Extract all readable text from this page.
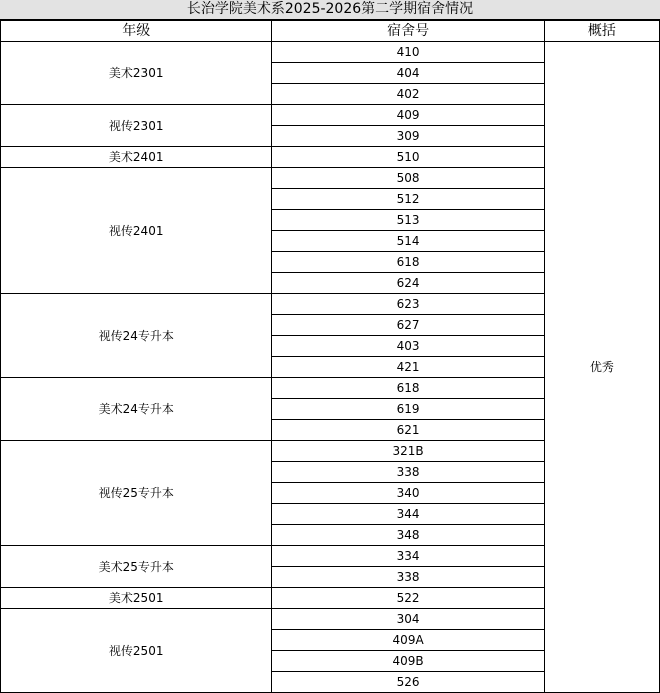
长治学院美术系2025-2026第二学期宿舍情况
年级	宿舍号	概括
美术2301	410	优秀
	404	
	402	
视传2301	409	
	309	
美术2401	510	
视传2401	508	
	512	
	513	
	514	
	618	
	624	
视传24专升本	623	
	627	
	403	
	421	
美术24专升本	618	
	619	
	621	
视传25专升本	321B	
	338	
	340	
	344	
	348	
美术25专升本	334	
	338	
美术2501	522	
视传2501	304	
	409A	
	409B	
	526	
